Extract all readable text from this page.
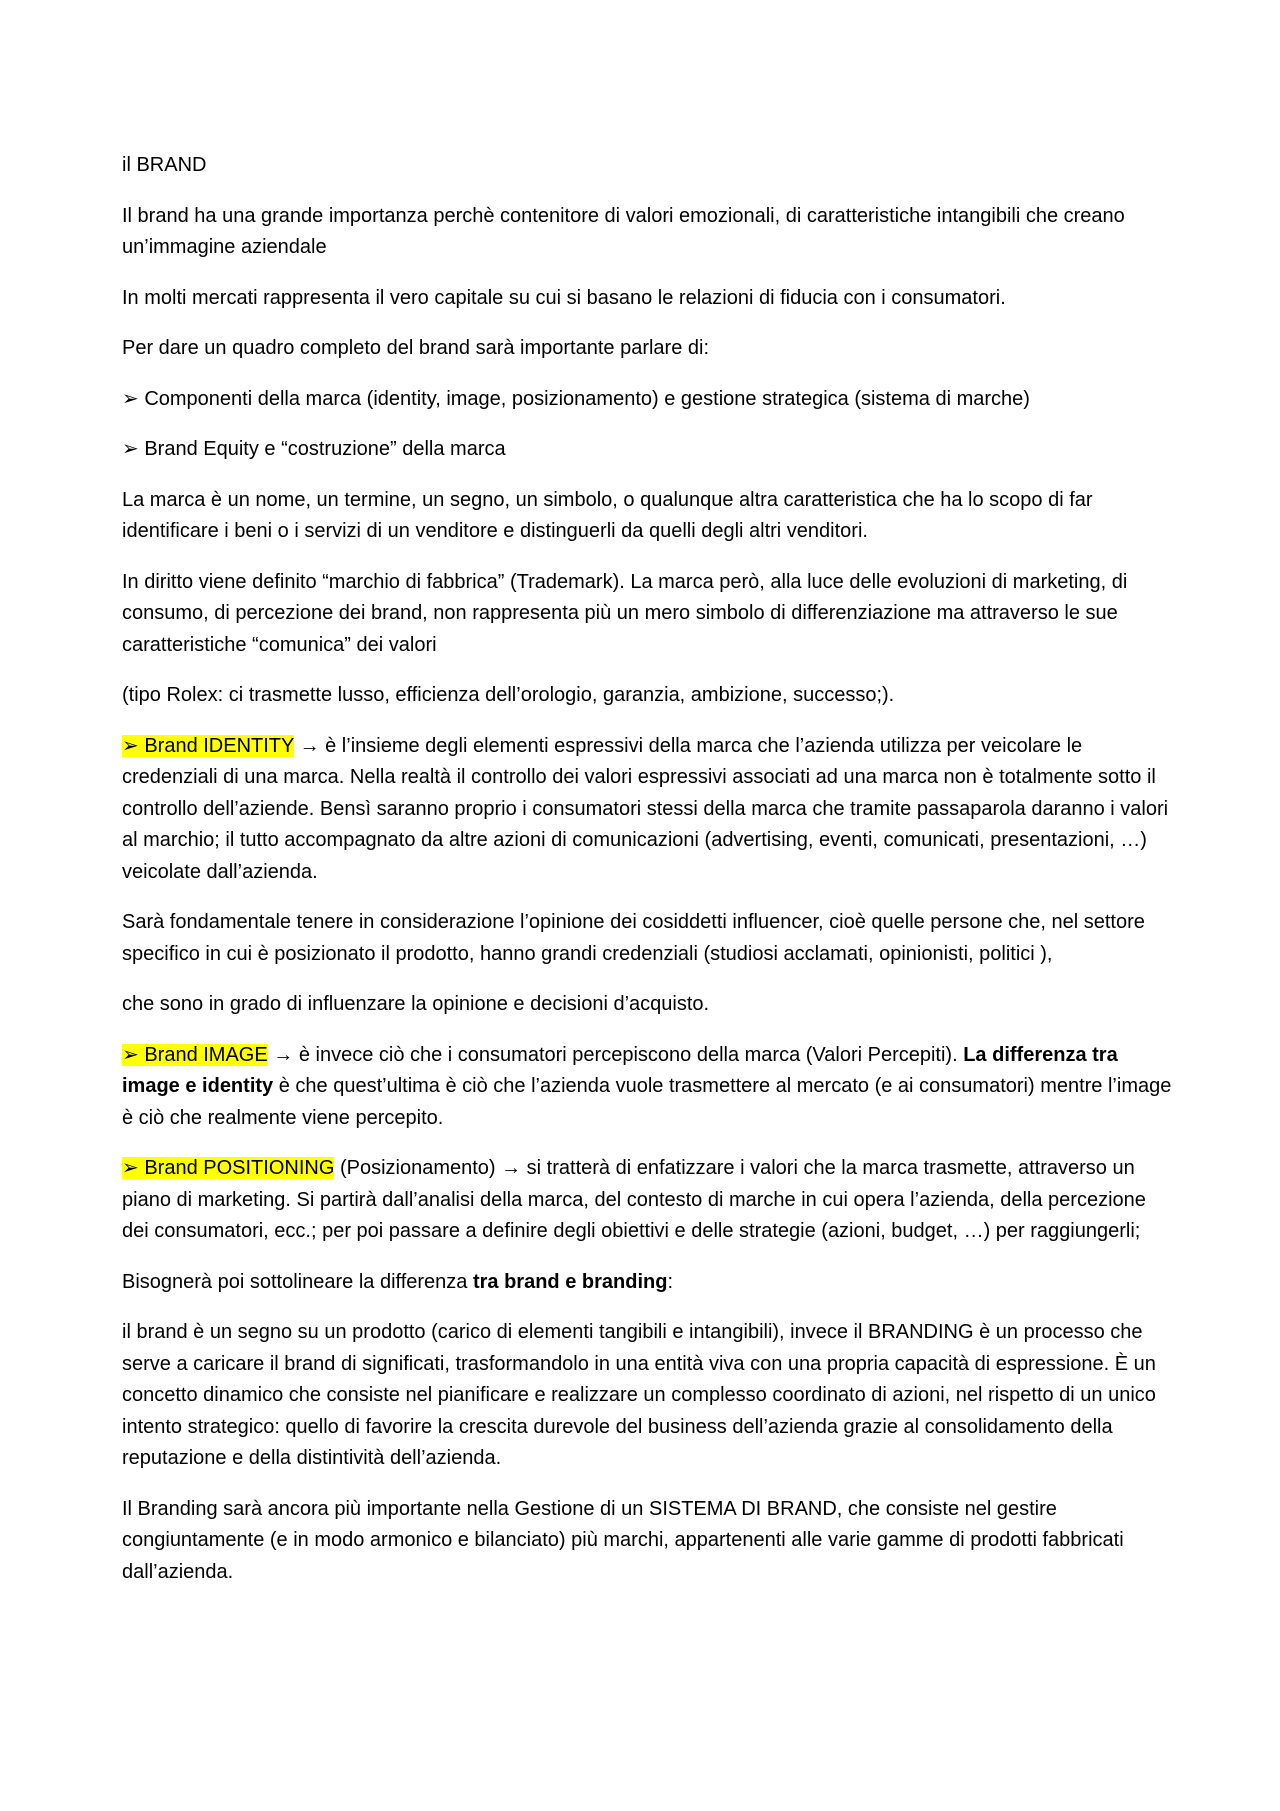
il BRAND

Il brand ha una grande importanza perchè contenitore di valori emozionali, di caratteristiche intangibili che creano un’immagine aziendale

In molti mercati rappresenta il vero capitale su cui si basano le relazioni di fiducia con i consumatori.

Per dare un quadro completo del brand sarà importante parlare di:

➢ Componenti della marca (identity, image, posizionamento) e gestione strategica (sistema di marche)

➢ Brand Equity e “costruzione” della marca

La marca è un nome, un termine, un segno, un simbolo, o qualunque altra caratteristica che ha lo scopo di far identificare i beni o i servizi di un venditore e distinguerli da quelli degli altri venditori.

In diritto viene definito “marchio di fabbrica” (Trademark). La marca però, alla luce delle evoluzioni di marketing, di consumo, di percezione dei brand, non rappresenta più un mero simbolo di differenziazione ma attraverso le sue caratteristiche “comunica” dei valori

(tipo Rolex: ci trasmette lusso, efficienza dell’orologio, garanzia, ambizione, successo;).

➢ Brand IDENTITY → è l’insieme degli elementi espressivi della marca che l’azienda utilizza per veicolare le credenziali di una marca. Nella realtà il controllo dei valori espressivi associati ad una marca non è totalmente sotto il controllo dell’aziende. Bensì saranno proprio i consumatori stessi della marca che tramite passaparola daranno i valori al marchio; il tutto accompagnato da altre azioni di comunicazioni (advertising, eventi, comunicati, presentazioni, …) veicolate dall’azienda.

Sarà fondamentale tenere in considerazione l’opinione dei cosiddetti influencer, cioè quelle persone che, nel settore specifico in cui è posizionato il prodotto, hanno grandi credenziali (studiosi acclamati, opinionisti, politici ),

che sono in grado di influenzare la opinione e decisioni d’acquisto.

➢ Brand IMAGE → è invece ciò che i consumatori percepiscono della marca (Valori Percepiti). La differenza tra image e identity è che quest’ultima è ciò che l’azienda vuole trasmettere al mercato (e ai consumatori) mentre l’image è ciò che realmente viene percepito.

➢ Brand POSITIONING (Posizionamento) → si tratterà di enfatizzare i valori che la marca trasmette, attraverso un piano di marketing. Si partirà dall’analisi della marca, del contesto di marche in cui opera l’azienda, della percezione dei consumatori, ecc.; per poi passare a definire degli obiettivi e delle strategie (azioni, budget, …) per raggiungerli;

Bisognerà poi sottolineare la differenza tra brand e branding:

il brand è un segno su un prodotto (carico di elementi tangibili e intangibili), invece il BRANDING è un processo che serve a caricare il brand di significati, trasformandolo in una entità viva con una propria capacità di espressione. È un concetto dinamico che consiste nel pianificare e realizzare un complesso coordinato di azioni, nel rispetto di un unico intento strategico: quello di favorire la crescita durevole del business dell’azienda grazie al consolidamento della reputazione e della distintività dell’azienda.

Il Branding sarà ancora più importante nella Gestione di un SISTEMA DI BRAND, che consiste nel gestire congiuntamente (e in modo armonico e bilanciato) più marchi, appartenenti alle varie gamme di prodotti fabbricati dall’azienda.
